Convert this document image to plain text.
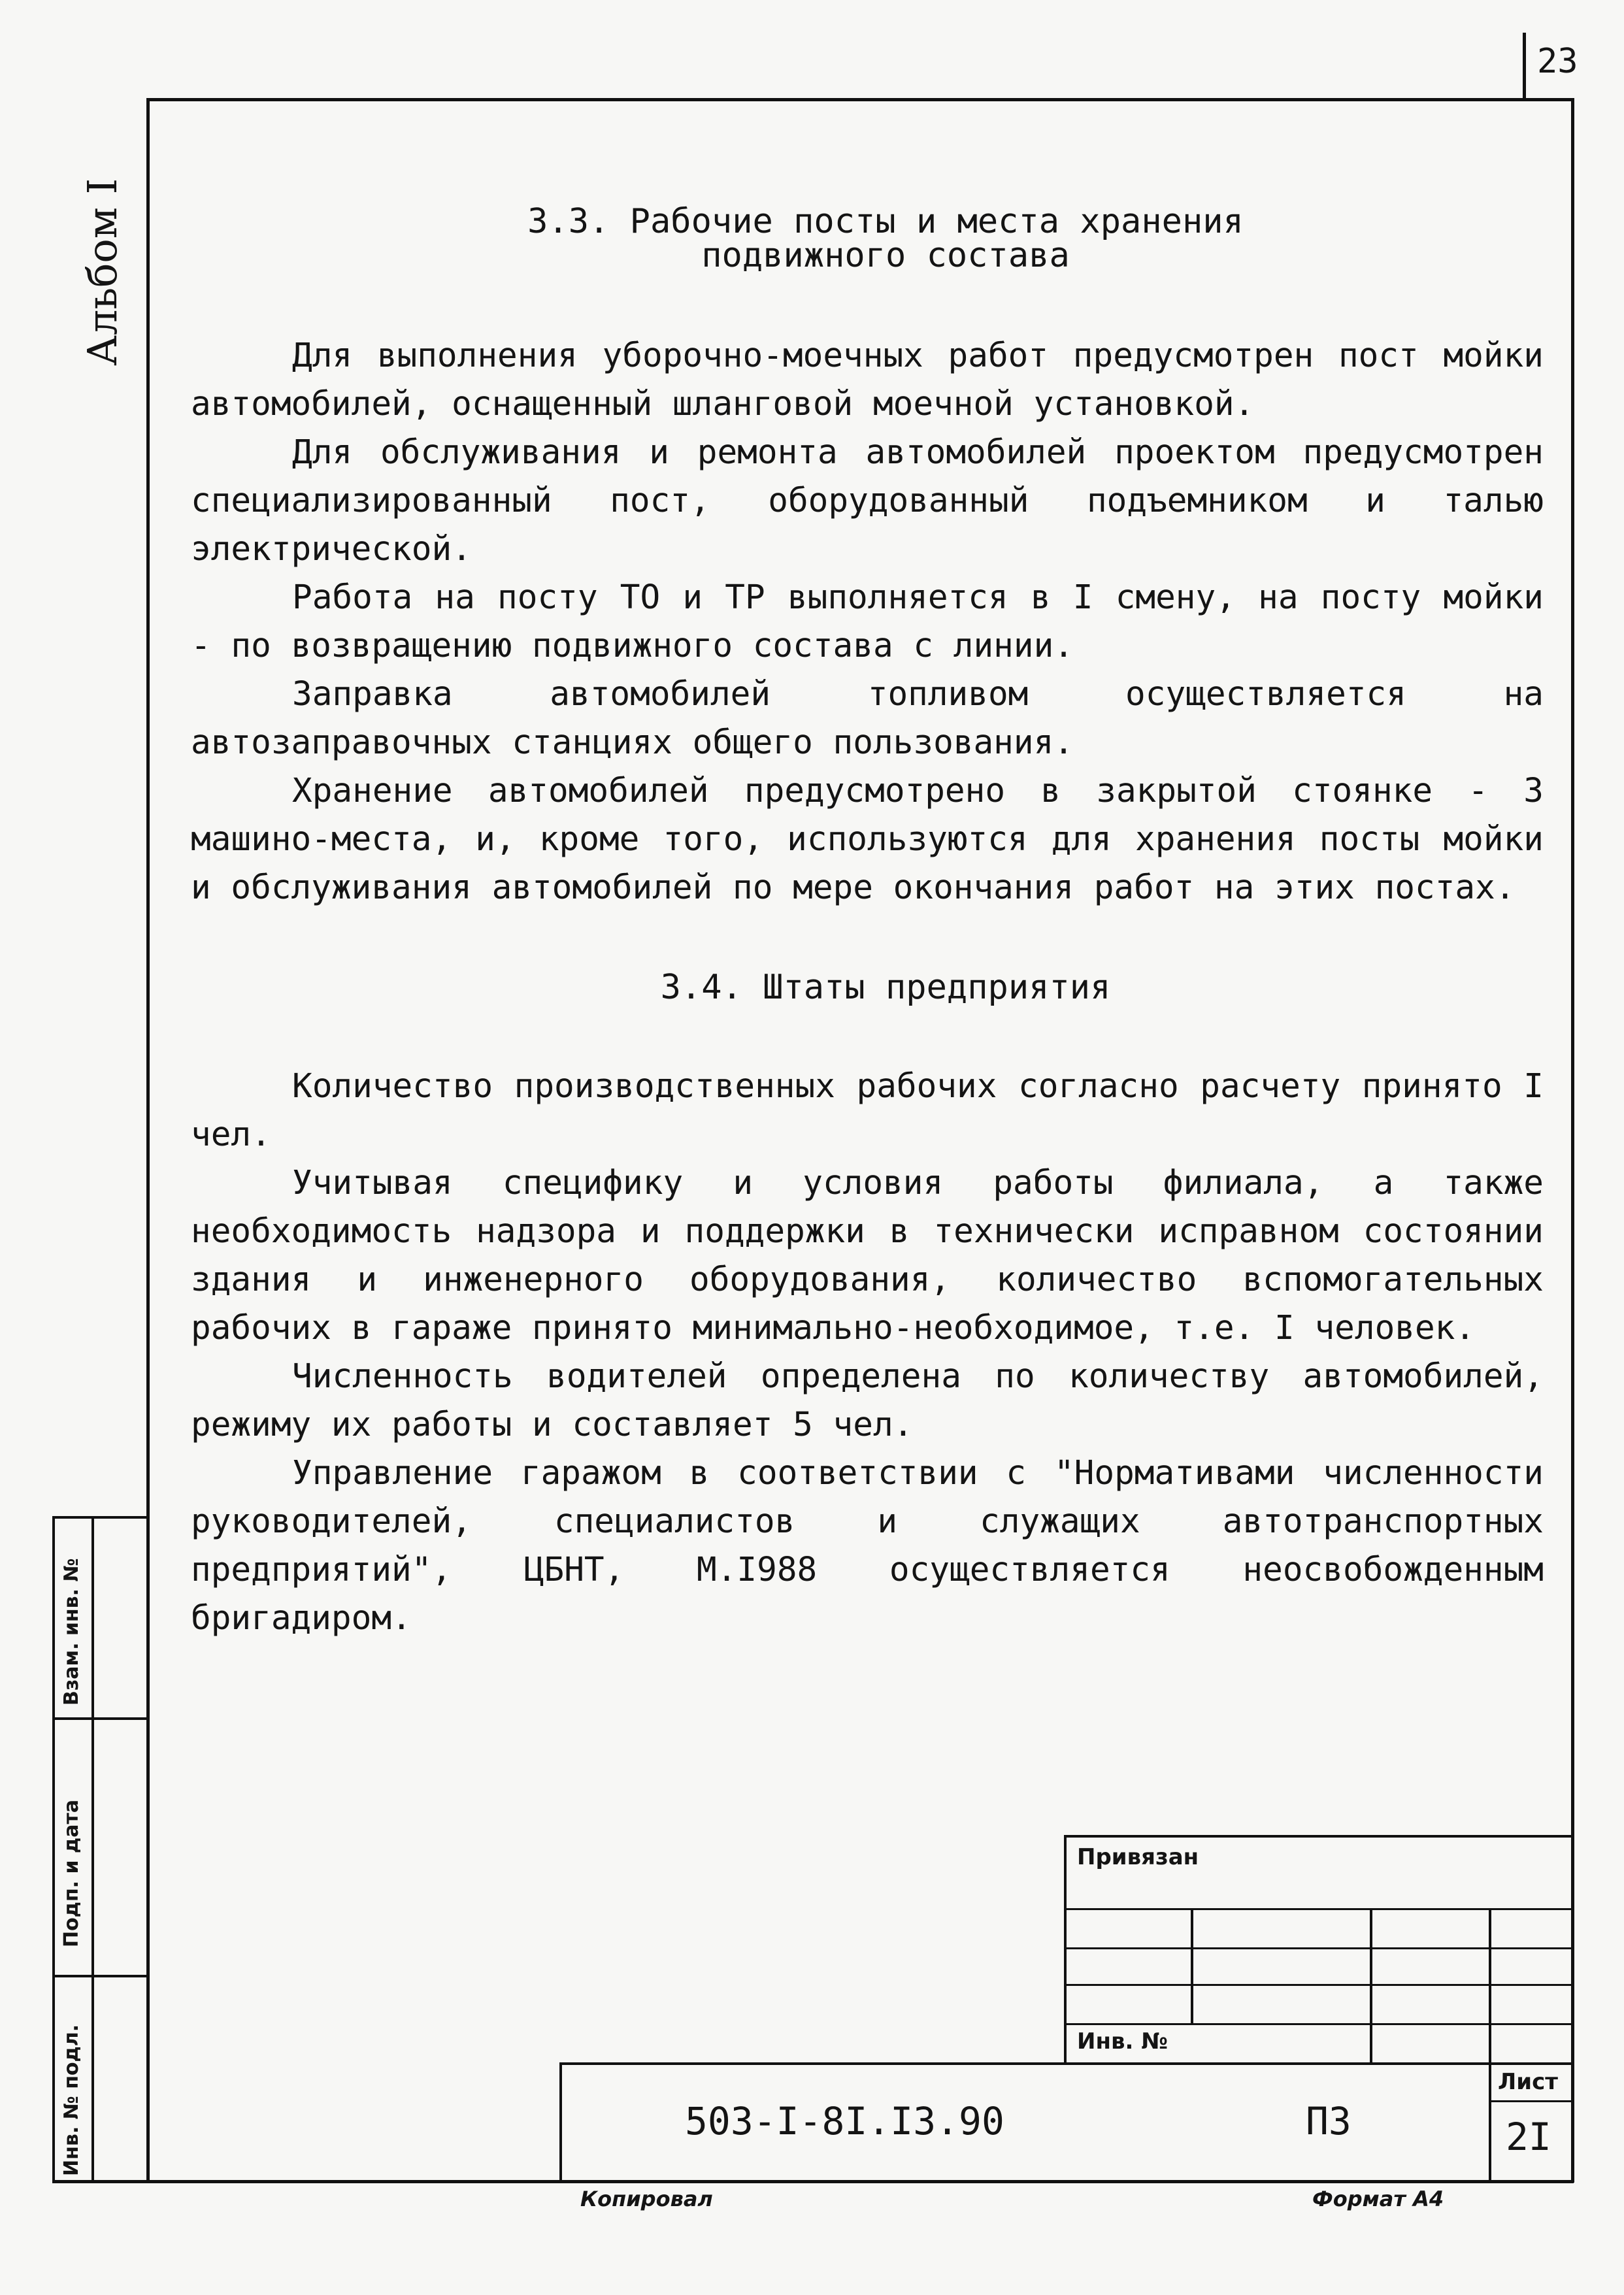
23
Альбом I	3.3. Рабочие посты и места хранения
подвижного состава

Для выполнения уборочно-моечных работ предусмотрен пост мойки автомобилей, оснащенный шланговой моечной установкой.

Для обслуживания и ремонта автомобилей проектом предусмотрен специализированный пост, оборудованный подъемником и талью электрической.

Работа на посту ТО и ТР выполняется в I смену, на посту мойки - по возвращению подвижного состава с линии.

Заправка автомобилей топливом осуществляется на автозаправочных станциях общего пользования.

Хранение автомобилей предусмотрено в закрытой стоянке - 3 машино-места, и, кроме того, используются для хранения посты мойки и обслуживания автомобилей по мере окончания работ на этих постах.

3.4. Штаты предприятия

Количество производственных рабочих согласно расчету принято I чел.

Учитывая специфику и условия работы филиала, а также необходимость надзора и поддержки в технически исправном состоянии здания и инженерного оборудования, количество вспомогательных рабочих в гараже принято минимально-необходимое, т.е. I человек.

Численность водителей определена по количеству автомобилей, режиму их работы и составляет 5 чел.

Управление гаражом в соответствии с "Нормативами численности руководителей, специалистов и служащих автотранспортных предприятий", ЦБНТ, М.I988 осуществляется неосвобожденным бригадиром.

Взам. инв. №
Подп. и дата
Инв. № подл.
Привязан
Инв. №
503-I-8I.I3.90	ПЗ
Лист
2I
Копировал	Формат А4
